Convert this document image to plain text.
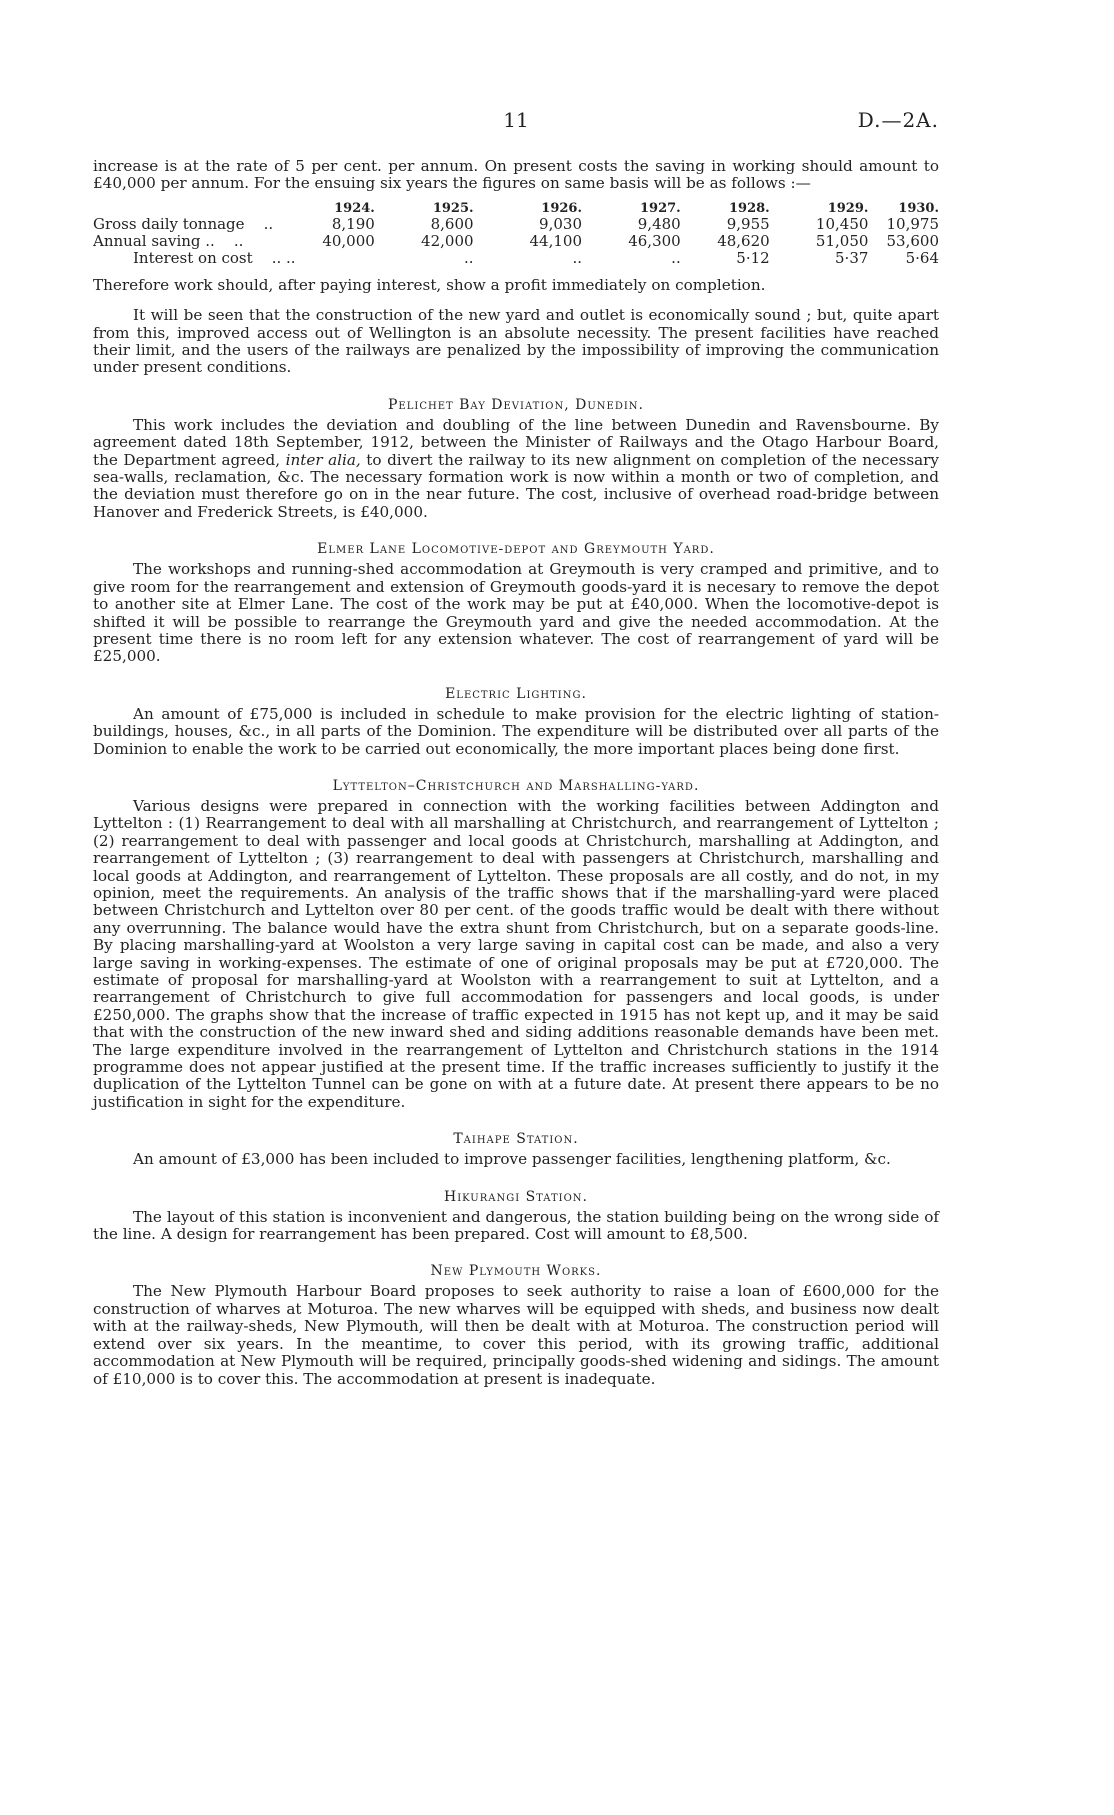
11	D.—2A.

increase is at the rate of 5 per cent. per annum. On present costs the saving in working should amount to £40,000 per annum. For the ensuing six years the figures on same basis will be as follows :—

	1924.	1925.	1926.	1927.	1928.	1929.	1930.
Gross daily tonnage ..	8,190	8,600	9,030	9,480	9,955	10,450	10,975
Annual saving .. ..	40,000	42,000	44,100	46,300	48,620	51,050	53,600
Interest on cost .. ..		..	..	..	5·12	5·37	5·64

Therefore work should, after paying interest, show a profit immediately on completion.

It will be seen that the construction of the new yard and outlet is economically sound ; but, quite apart from this, improved access out of Wellington is an absolute necessity. The present facilities have reached their limit, and the users of the railways are penalized by the impossibility of improving the communication under present conditions.

Pelichet Bay Deviation, Dunedin.

This work includes the deviation and doubling of the line between Dunedin and Ravensbourne. By agreement dated 18th September, 1912, between the Minister of Railways and the Otago Harbour Board, the Department agreed, inter alia, to divert the railway to its new alignment on completion of the necessary sea-walls, reclamation, &c. The necessary formation work is now within a month or two of completion, and the deviation must therefore go on in the near future. The cost, inclusive of overhead road-bridge between Hanover and Frederick Streets, is £40,000.

Elmer Lane Locomotive-depot and Greymouth Yard.

The workshops and running-shed accommodation at Greymouth is very cramped and primitive, and to give room for the rearrangement and extension of Greymouth goods-yard it is necesary to remove the depot to another site at Elmer Lane. The cost of the work may be put at £40,000. When the locomotive-depot is shifted it will be possible to rearrange the Greymouth yard and give the needed accommodation. At the present time there is no room left for any extension whatever. The cost of rearrangement of yard will be £25,000.

Electric Lighting.

An amount of £75,000 is included in schedule to make provision for the electric lighting of station-buildings, houses, &c., in all parts of the Dominion. The expenditure will be distributed over all parts of the Dominion to enable the work to be carried out economically, the more important places being done first.

Lyttelton–Christchurch and Marshalling-yard.

Various designs were prepared in connection with the working facilities between Addington and Lyttelton : (1) Rearrangement to deal with all marshalling at Christchurch, and rearrangement of Lyttelton ; (2) rearrangement to deal with passenger and local goods at Christchurch, marshalling at Addington, and rearrangement of Lyttelton ; (3) rearrangement to deal with passengers at Christchurch, marshalling and local goods at Addington, and rearrangement of Lyttelton. These proposals are all costly, and do not, in my opinion, meet the requirements. An analysis of the traffic shows that if the marshalling-yard were placed between Christchurch and Lyttelton over 80 per cent. of the goods traffic would be dealt with there without any overrunning. The balance would have the extra shunt from Christchurch, but on a separate goods-line. By placing marshalling-yard at Woolston a very large saving in capital cost can be made, and also a very large saving in working-expenses. The estimate of one of original proposals may be put at £720,000. The estimate of proposal for marshalling-yard at Woolston with a rearrangement to suit at Lyttelton, and a rearrangement of Christchurch to give full accommodation for passengers and local goods, is under £250,000. The graphs show that the increase of traffic expected in 1915 has not kept up, and it may be said that with the construction of the new inward shed and siding additions reasonable demands have been met. The large expenditure involved in the rearrangement of Lyttelton and Christchurch stations in the 1914 programme does not appear justified at the present time. If the traffic increases sufficiently to justify it the duplication of the Lyttelton Tunnel can be gone on with at a future date. At present there appears to be no justification in sight for the expenditure.

Taihape Station.

An amount of £3,000 has been included to improve passenger facilities, lengthening platform, &c.

Hikurangi Station.

The layout of this station is inconvenient and dangerous, the station building being on the wrong side of the line. A design for rearrangement has been prepared. Cost will amount to £8,500.

New Plymouth Works.

The New Plymouth Harbour Board proposes to seek authority to raise a loan of £600,000 for the construction of wharves at Moturoa. The new wharves will be equipped with sheds, and business now dealt with at the railway-sheds, New Plymouth, will then be dealt with at Moturoa. The construction period will extend over six years. In the meantime, to cover this period, with its growing traffic, additional accommodation at New Plymouth will be required, principally goods-shed widening and sidings. The amount of £10,000 is to cover this. The accommodation at present is inadequate.
